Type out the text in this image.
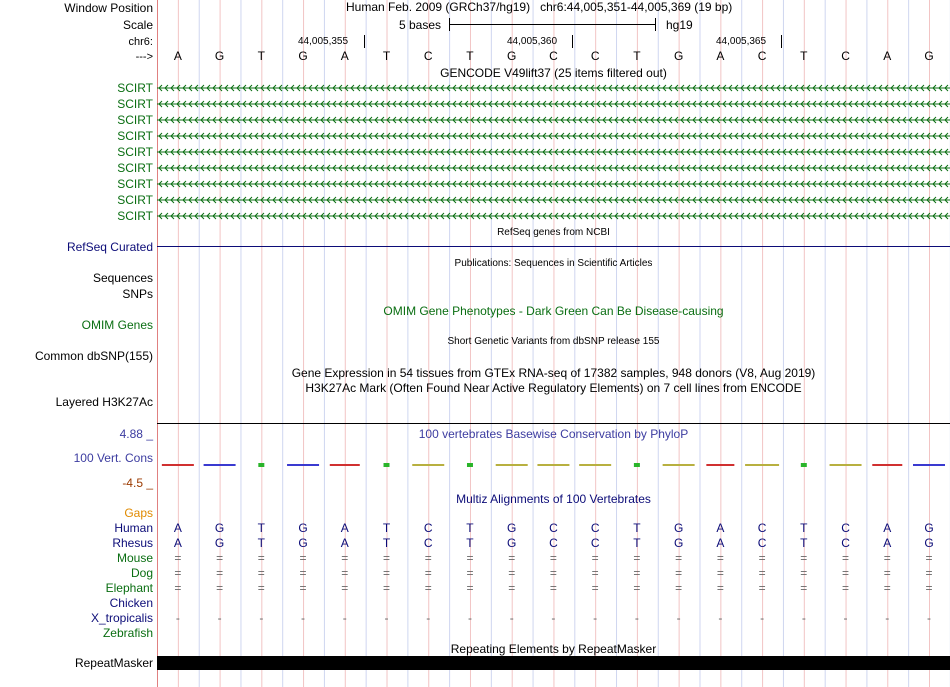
Window Position
Scale
chr6:
--->
Human Feb. 2009 (GRCh37/hg19) chr6:44,005,351-44,005,369 (19 bp)
5 bases	hg19
44,005,355	44,005,360	44,005,365
A	G	T	G	A	T	C	T	G	C	C	T	G	A	C	T	C	A	G
GENCODE V49lift37 (25 items filtered out)
SCIRT
SCIRT
SCIRT
SCIRT
SCIRT
SCIRT
SCIRT
SCIRT
SCIRT
RefSeq genes from NCBI
RefSeq Curated
Publications: Sequences in Scientific Articles
Sequences
SNPs
OMIM Gene Phenotypes - Dark Green Can Be Disease-causing
OMIM Genes
Short Genetic Variants from dbSNP release 155
Common dbSNP(155)
Gene Expression in 54 tissues from GTEx RNA-seq of 17382 samples, 948 donors (V8, Aug 2019)
H3K27Ac Mark (Often Found Near Active Regulatory Elements) on 7 cell lines from ENCODE
Layered H3K27Ac
100 vertebrates Basewise Conservation by PhyloP
4.88 _
100 Vert. Cons
-4.5 _
Multiz Alignments of 100 Vertebrates
Gaps
Human	A	G	T	G	A	T	C	T	G	C	C	T	G	A	C	T	C	A	G
Rhesus	A	G	T	G	A	T	C	T	G	C	C	T	G	A	C	T	C	A	G
Mouse	=	=	=	=	=	=	=	=	=	=	=	=	=	=	=	=	=	=	=
Dog	=	=	=	=	=	=	=	=	=	=	=	=	=	=	=	=	=	=	=
Elephant	=	=	=	=	=	=	=	=	=	=	=	=	=	=	=	=	=	=	=
Chicken
X_tropicalis	-	-	-	-	-	-	-	-	-	-	-	-	-	-	-	-	-	-	-
Zebrafish
Repeating Elements by RepeatMasker
RepeatMasker
